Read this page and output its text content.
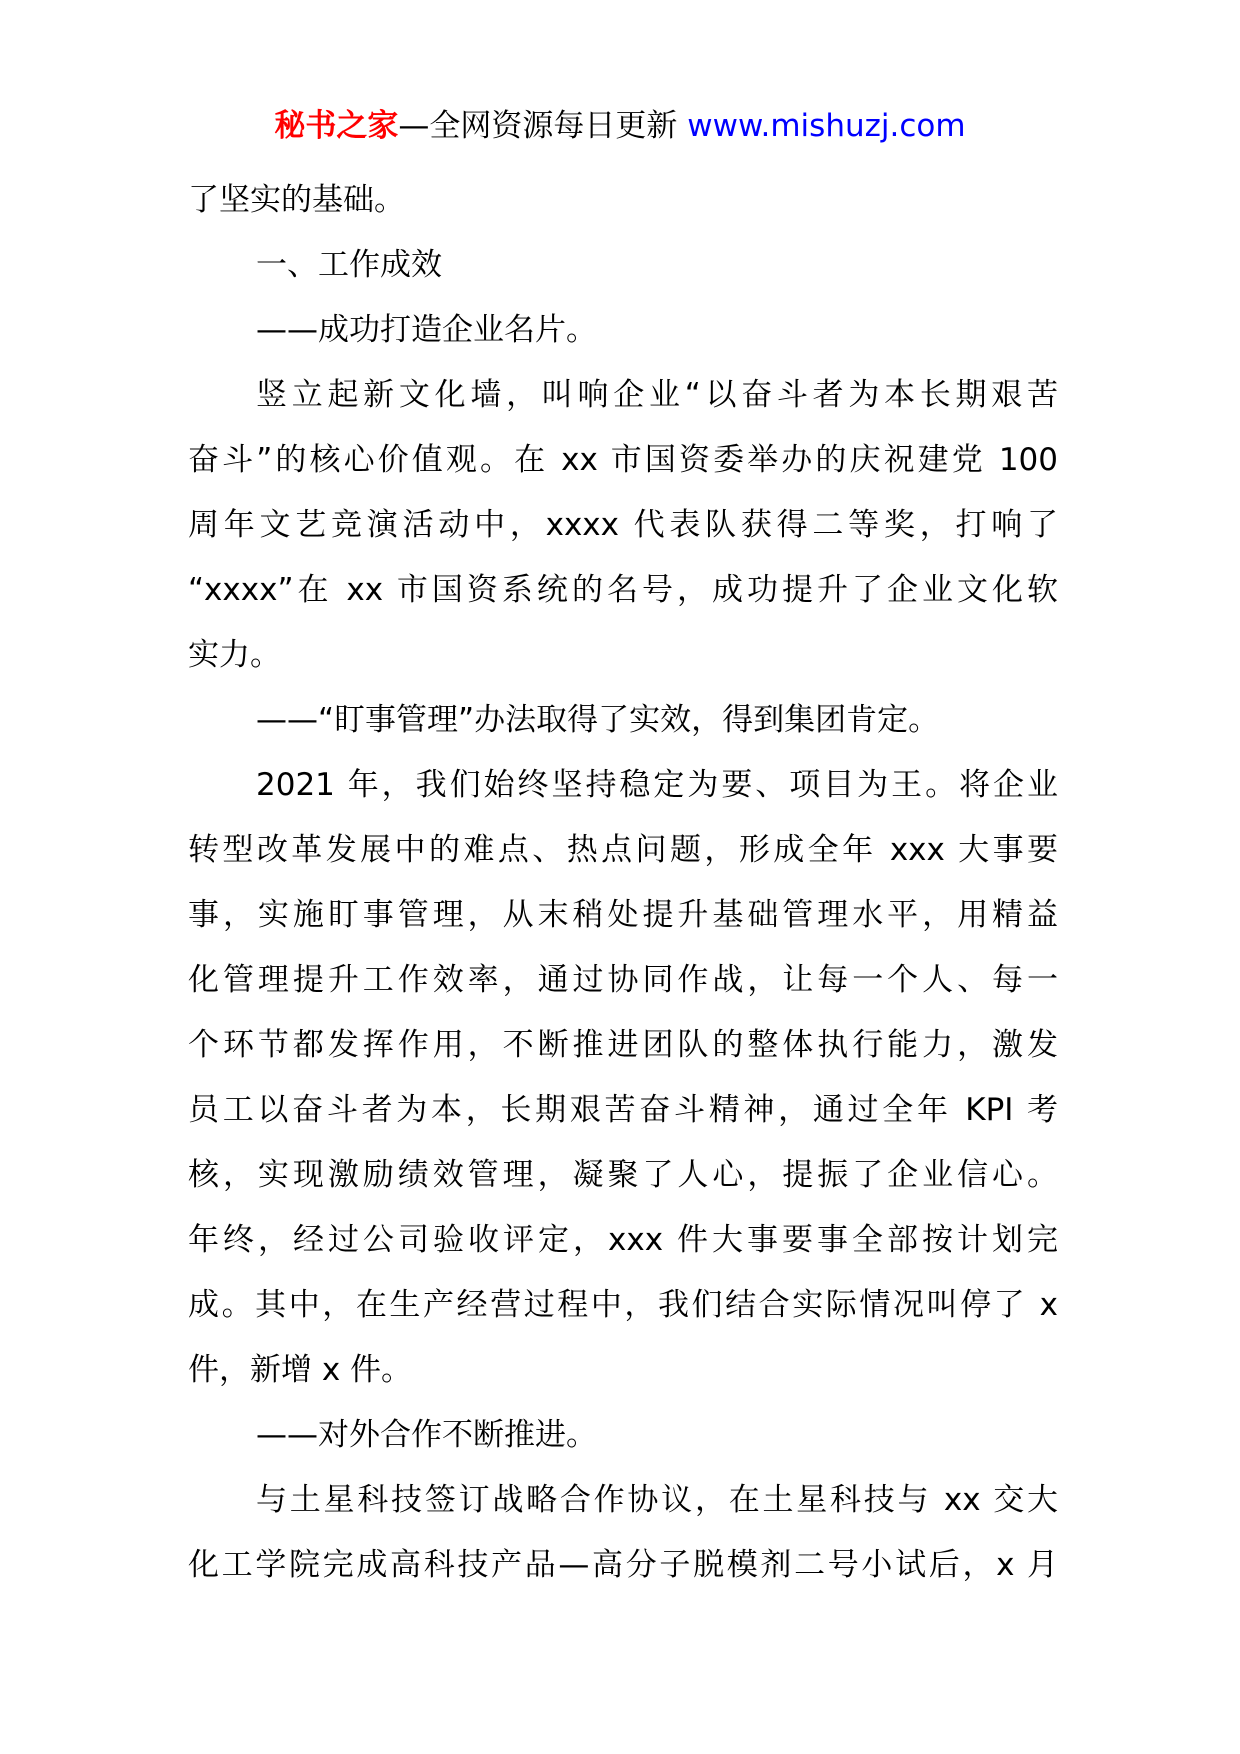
秘书之家—全网资源每日更新 www.mishuzj.com
了坚实的基础。
一、工作成效
——成功打造企业名片。
竖立起新文化墙，叫响企业“以奋斗者为本长期艰苦
奋斗”的核心价值观。在 xx 市国资委举办的庆祝建党 100
周年文艺竞演活动中，xxxx 代表队获得二等奖，打响了
“xxxx”在 xx 市国资系统的名号，成功提升了企业文化软
实力。
——“盯事管理”办法取得了实效，得到集团肯定。
2021 年，我们始终坚持稳定为要、项目为王。将企业
转型改革发展中的难点、热点问题，形成全年 xxx 大事要
事，实施盯事管理，从末稍处提升基础管理水平，用精益
化管理提升工作效率，通过协同作战，让每一个人、每一
个环节都发挥作用，不断推进团队的整体执行能力，激发
员工以奋斗者为本，长期艰苦奋斗精神，通过全年 KPI 考
核，实现激励绩效管理，凝聚了人心，提振了企业信心。
年终，经过公司验收评定，xxx 件大事要事全部按计划完
成。其中，在生产经营过程中，我们结合实际情况叫停了 x
件，新增 x 件。
——对外合作不断推进。
与土星科技签订战略合作协议，在土星科技与 xx 交大
化工学院完成高科技产品—高分子脱模剂二号小试后，x 月
